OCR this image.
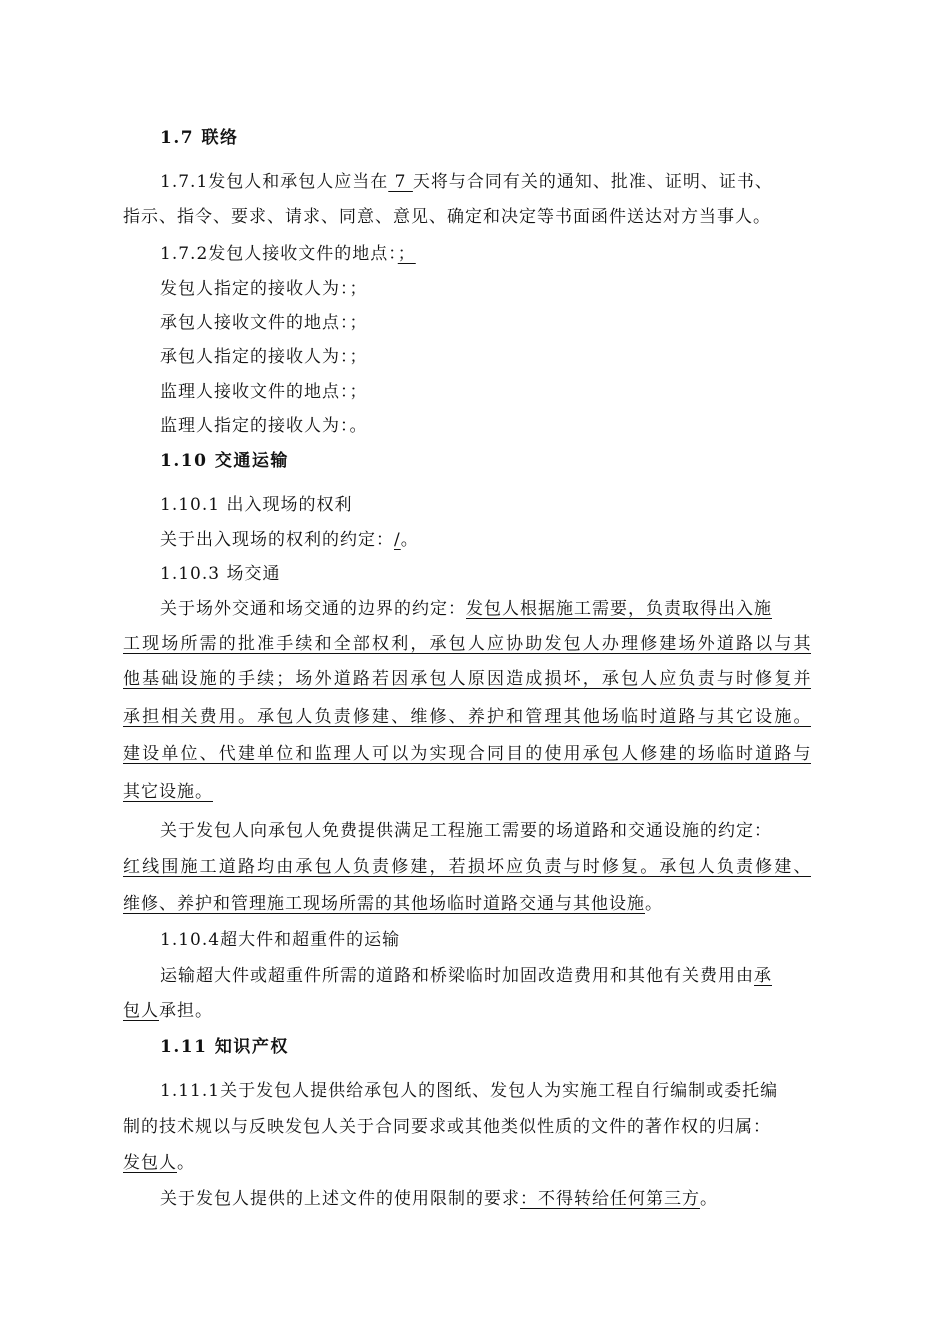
1.7 联络
1.7.1发包人和承包人应当在 7 天将与合同有关的通知、批准、证明、证书、
指示、指令、要求、请求、同意、意见、确定和决定等书面函件送达对方当事人。
1.7.2发包人接收文件的地点：；
发包人指定的接收人为：；
承包人接收文件的地点：；
承包人指定的接收人为：；
监理人接收文件的地点：；
监理人指定的接收人为：。
1.10 交通运输
1.10.1 出入现场的权利
关于出入现场的权利的约定：/。
1.10.3 场交通
关于场外交通和场交通的边界的约定：发包人根据施工需要，负责取得出入施
工现场所需的批准手续和全部权利，承包人应协助发包人办理修建场外道路以与其
他基础设施的手续；场外道路若因承包人原因造成损坏，承包人应负责与时修复并
承担相关费用。承包人负责修建、维修、养护和管理其他场临时道路与其它设施。
建设单位、代建单位和监理人可以为实现合同目的使用承包人修建的场临时道路与
其它设施。
关于发包人向承包人免费提供满足工程施工需要的场道路和交通设施的约定：
红线围施工道路均由承包人负责修建，若损坏应负责与时修复。承包人负责修建、
维修、养护和管理施工现场所需的其他场临时道路交通与其他设施。
1.10.4超大件和超重件的运输
运输超大件或超重件所需的道路和桥梁临时加固改造费用和其他有关费用由承
包人承担。
1.11 知识产权
1.11.1关于发包人提供给承包人的图纸、发包人为实施工程自行编制或委托编
制的技术规以与反映发包人关于合同要求或其他类似性质的文件的著作权的归属：
发包人。
关于发包人提供的上述文件的使用限制的要求：不得转给任何第三方。
